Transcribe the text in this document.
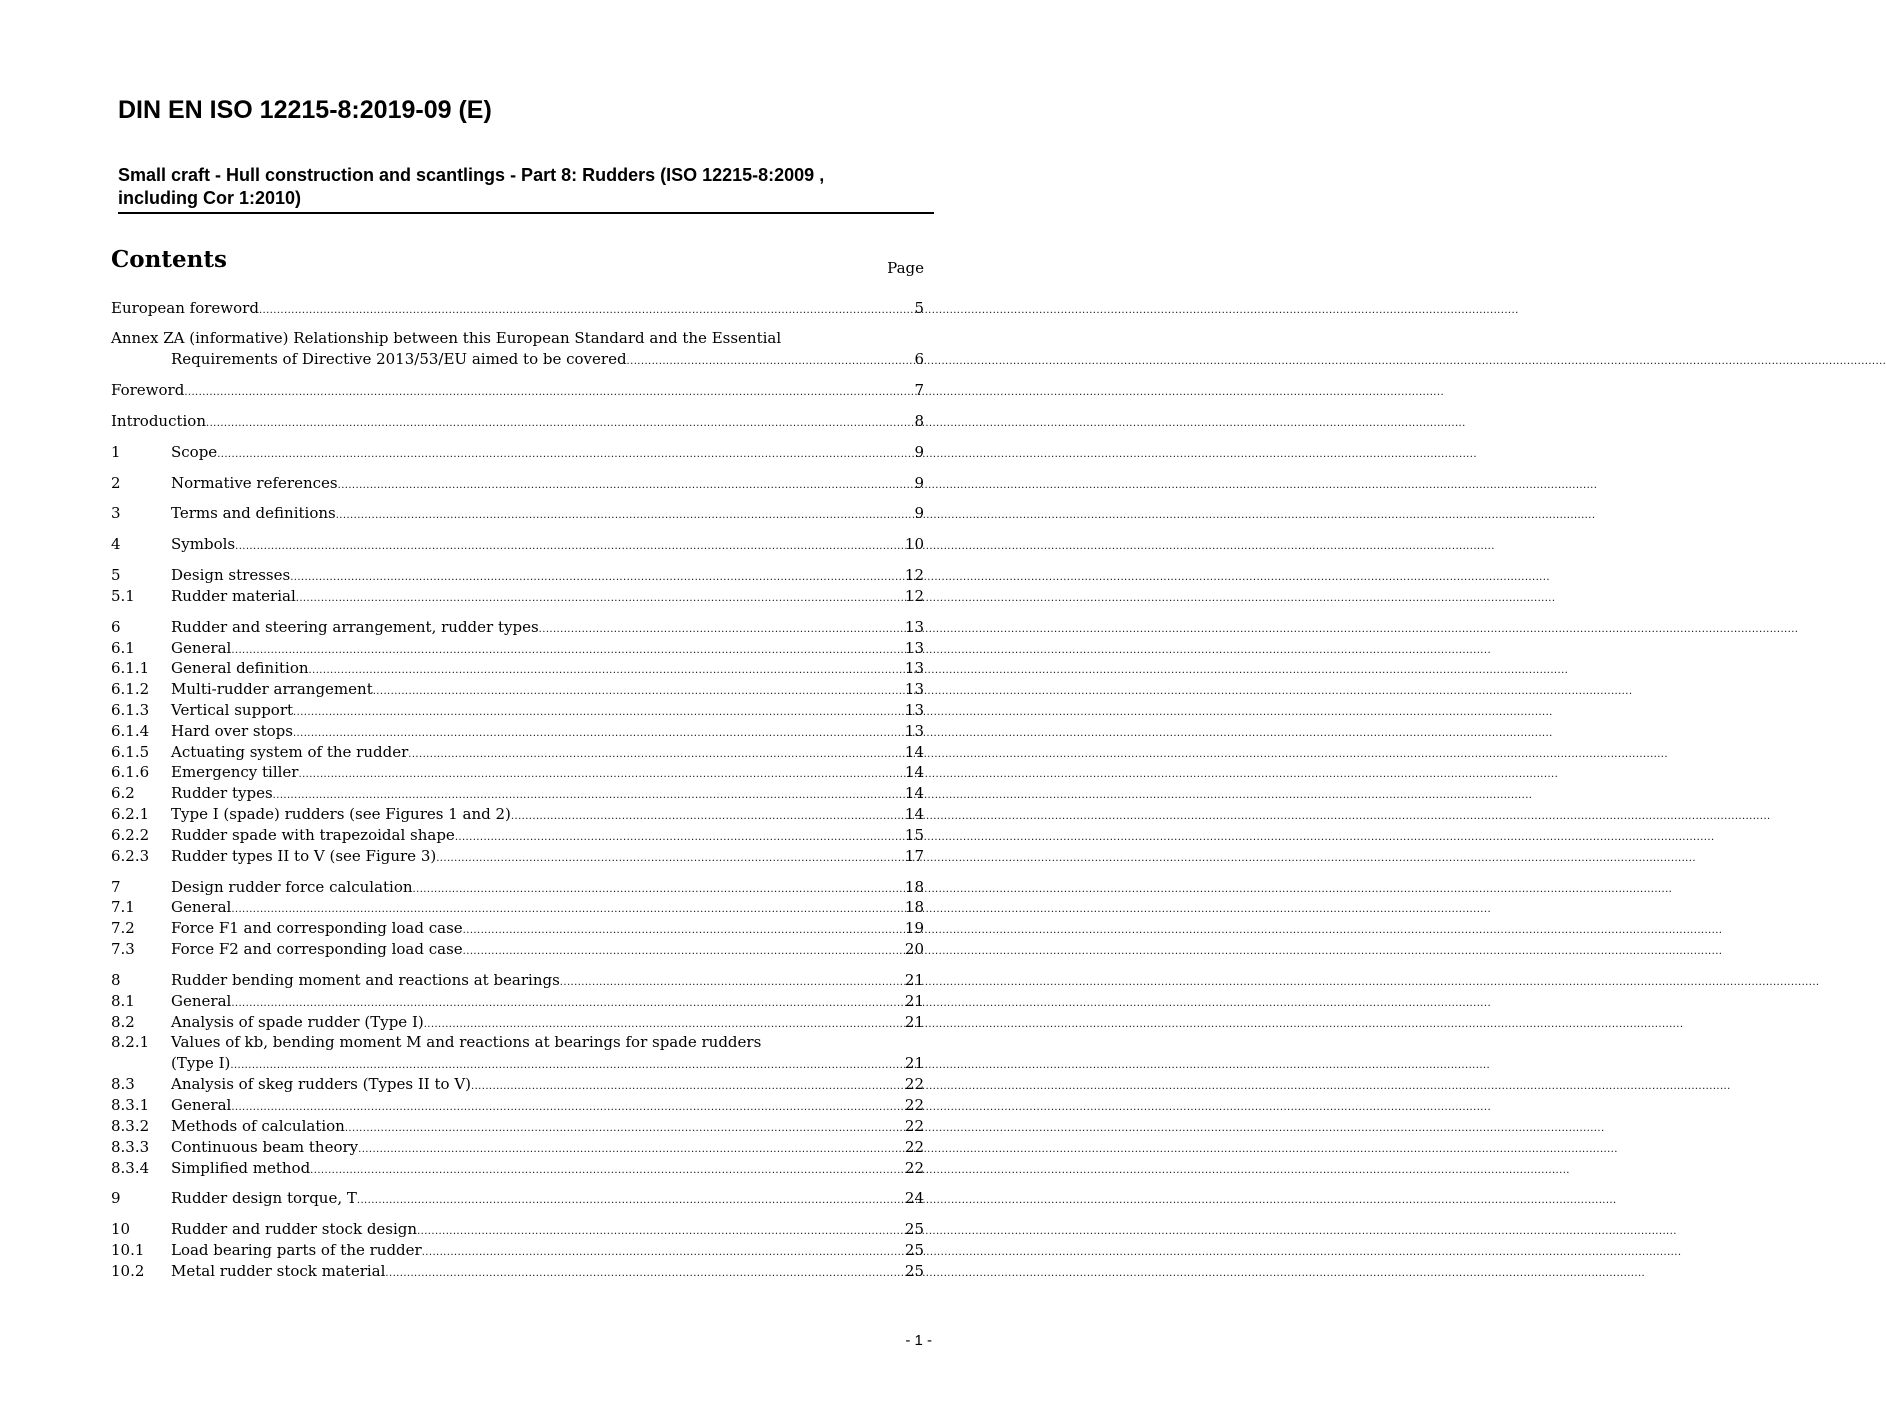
DIN EN ISO 12215-8:2019-09 (E)
Small craft - Hull construction and scantlings - Part 8: Rudders (ISO 12215-8:2009 ,
including Cor 1:2010)
Contents	Page
European foreword .....	5
Annex ZA (informative) Relationship between this European Standard and the Essential
Requirements of Directive 2013/53/EU aimed to be covered .....	6
Foreword .....	7
Introduction .....	8
1	Scope .....	9
2	Normative references .....	9
3	Terms and definitions .....	9
4	Symbols .....	10
5	Design stresses .....	12
5.1	Rudder material .....	12
6	Rudder and steering arrangement, rudder types .....	13
6.1	General .....	13
6.1.1	General definition .....	13
6.1.2	Multi-rudder arrangement .....	13
6.1.3	Vertical support .....	13
6.1.4	Hard over stops .....	13
6.1.5	Actuating system of the rudder .....	14
6.1.6	Emergency tiller .....	14
6.2	Rudder types .....	14
6.2.1	Type I (spade) rudders (see Figures 1 and 2) .....	14
6.2.2	Rudder spade with trapezoidal shape .....	15
6.2.3	Rudder types II to V (see Figure 3) .....	17
7	Design rudder force calculation .....	18
7.1	General .....	18
7.2	Force F1 and corresponding load case .....	19
7.3	Force F2 and corresponding load case .....	20
8	Rudder bending moment and reactions at bearings .....	21
8.1	General .....	21
8.2	Analysis of spade rudder (Type I) .....	21
8.2.1	Values of kb, bending moment M and reactions at bearings for spade rudders
(Type I) .....	21
8.3	Analysis of skeg rudders (Types II to V) .....	22
8.3.1	General .....	22
8.3.2	Methods of calculation .....	22
8.3.3	Continuous beam theory .....	22
8.3.4	Simplified method .....	22
9	Rudder design torque, T .....	24
10	Rudder and rudder stock design .....	25
10.1	Load bearing parts of the rudder .....	25
10.2	Metal rudder stock material .....	25
- 1 -
